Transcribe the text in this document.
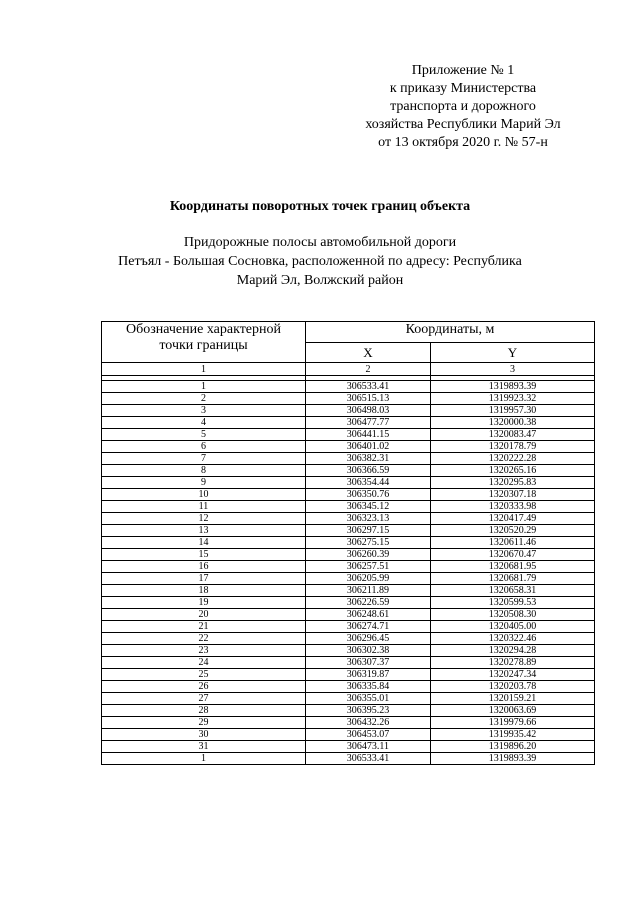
Приложение № 1
к приказу Министерства
транспорта и дорожного
хозяйства Республики Марий Эл
от 13 октября 2020 г. № 57-н
Координаты поворотных точек границ объекта
Придорожные полосы автомобильной дороги
Петъял - Большая Сосновка, расположенной по адресу: Республика
Марий Эл, Волжский район
Обозначение характерной
точки границы	Координаты, м	
	X	Y
1	2	3

1	306533.41	1319893.39
2	306515.13	1319923.32
3	306498.03	1319957.30
4	306477.77	1320000.38
5	306441.15	1320083.47
6	306401.02	1320178.79
7	306382.31	1320222.28
8	306366.59	1320265.16
9	306354.44	1320295.83
10	306350.76	1320307.18
11	306345.12	1320333.98
12	306323.13	1320417.49
13	306297.15	1320520.29
14	306275.15	1320611.46
15	306260.39	1320670.47
16	306257.51	1320681.95
17	306205.99	1320681.79
18	306211.89	1320658.31
19	306226.59	1320599.53
20	306248.61	1320508.30
21	306274.71	1320405.00
22	306296.45	1320322.46
23	306302.38	1320294.28
24	306307.37	1320278.89
25	306319.87	1320247.34
26	306335.84	1320203.78
27	306355.01	1320159.21
28	306395.23	1320063.69
29	306432.26	1319979.66
30	306453.07	1319935.42
31	306473.11	1319896.20
1	306533.41	1319893.39
